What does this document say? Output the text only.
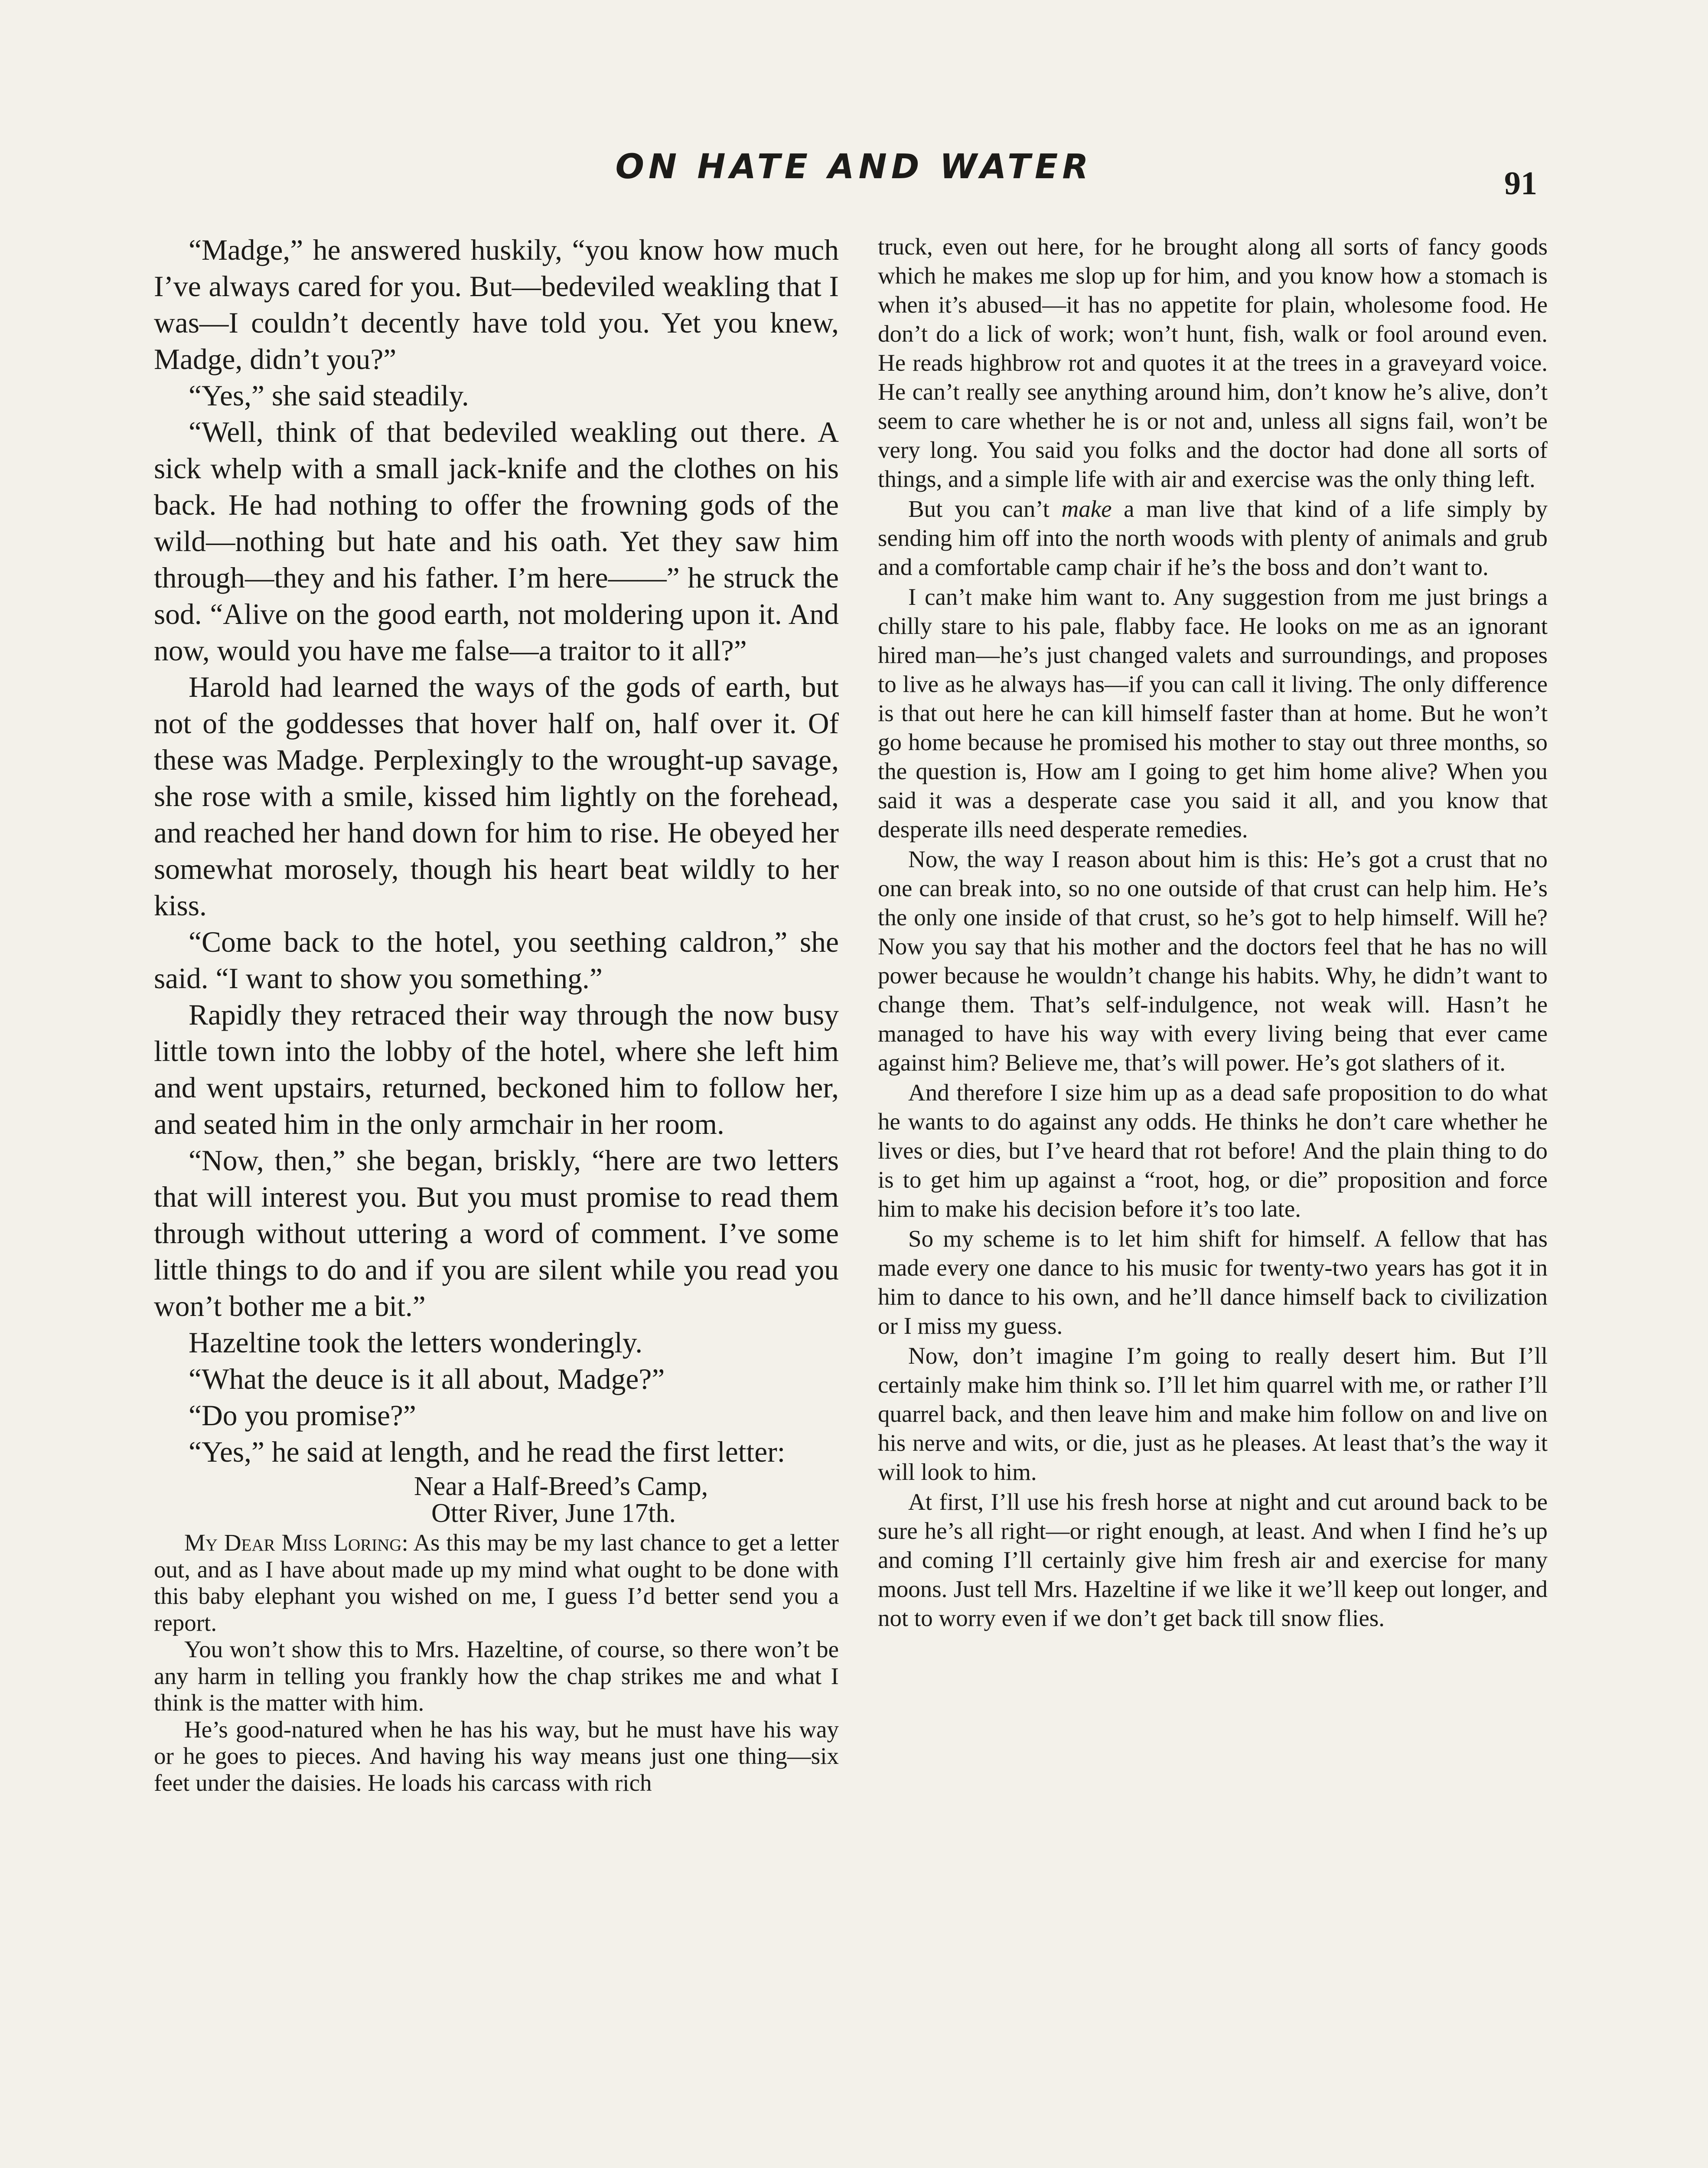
ON HATE AND WATER	91

“Madge,” he answered huskily, “you know how much I’ve always cared for you. But—bedeviled weakling that I was—I couldn’t decently have told you. Yet you knew, Madge, didn’t you?”

“Yes,” she said steadily.

“Well, think of that bedeviled weakling out there. A sick whelp with a small jack-knife and the clothes on his back. He had nothing to offer the frowning gods of the wild—nothing but hate and his oath. Yet they saw him through—they and his father. I’m here——” he struck the sod. “Alive on the good earth, not moldering upon it. And now, would you have me false—a traitor to it all?”

Harold had learned the ways of the gods of earth, but not of the goddesses that hover half on, half over it. Of these was Madge. Perplexingly to the wrought-up savage, she rose with a smile, kissed him lightly on the forehead, and reached her hand down for him to rise. He obeyed her somewhat morosely, though his heart beat wildly to her kiss.

“Come back to the hotel, you seething caldron,” she said. “I want to show you something.”

Rapidly they retraced their way through the now busy little town into the lobby of the hotel, where she left him and went upstairs, returned, beckoned him to follow her, and seated him in the only armchair in her room.

“Now, then,” she began, briskly, “here are two letters that will interest you. But you must promise to read them through without uttering a word of comment. I’ve some little things to do and if you are silent while you read you won’t bother me a bit.”

Hazeltine took the letters wonderingly.

“What the deuce is it all about, Madge?”

“Do you promise?”

“Yes,” he said at length, and he read the first letter:

Near a Half-Breed’s Camp,
Otter River, June 17th.

My Dear Miss Loring: As this may be my last chance to get a letter out, and as I have about made up my mind what ought to be done with this baby elephant you wished on me, I guess I’d better send you a report.

You won’t show this to Mrs. Hazeltine, of course, so there won’t be any harm in telling you frankly how the chap strikes me and what I think is the matter with him.

He’s good-natured when he has his way, but he must have his way or he goes to pieces. And having his way means just one thing—six feet under the daisies. He loads his carcass with rich

truck, even out here, for he brought along all sorts of fancy goods which he makes me slop up for him, and you know how a stomach is when it’s abused—it has no appetite for plain, wholesome food. He don’t do a lick of work; won’t hunt, fish, walk or fool around even. He reads highbrow rot and quotes it at the trees in a graveyard voice. He can’t really see anything around him, don’t know he’s alive, don’t seem to care whether he is or not and, unless all signs fail, won’t be very long. You said you folks and the doctor had done all sorts of things, and a simple life with air and exercise was the only thing left.

But you can’t make a man live that kind of a life simply by sending him off into the north woods with plenty of animals and grub and a comfortable camp chair if he’s the boss and don’t want to.

I can’t make him want to. Any suggestion from me just brings a chilly stare to his pale, flabby face. He looks on me as an ignorant hired man—he’s just changed valets and surroundings, and proposes to live as he always has—if you can call it living. The only difference is that out here he can kill himself faster than at home. But he won’t go home because he promised his mother to stay out three months, so the question is, How am I going to get him home alive? When you said it was a desperate case you said it all, and you know that desperate ills need desperate remedies.

Now, the way I reason about him is this: He’s got a crust that no one can break into, so no one outside of that crust can help him. He’s the only one inside of that crust, so he’s got to help himself. Will he? Now you say that his mother and the doctors feel that he has no will power because he wouldn’t change his habits. Why, he didn’t want to change them. That’s self-indulgence, not weak will. Hasn’t he managed to have his way with every living being that ever came against him? Believe me, that’s will power. He’s got slathers of it.

And therefore I size him up as a dead safe proposition to do what he wants to do against any odds. He thinks he don’t care whether he lives or dies, but I’ve heard that rot before! And the plain thing to do is to get him up against a “root, hog, or die” proposition and force him to make his decision before it’s too late.

So my scheme is to let him shift for himself. A fellow that has made every one dance to his music for twenty-two years has got it in him to dance to his own, and he’ll dance himself back to civilization or I miss my guess.

Now, don’t imagine I’m going to really desert him. But I’ll certainly make him think so. I’ll let him quarrel with me, or rather I’ll quarrel back, and then leave him and make him follow on and live on his nerve and wits, or die, just as he pleases. At least that’s the way it will look to him.

At first, I’ll use his fresh horse at night and cut around back to be sure he’s all right—or right enough, at least. And when I find he’s up and coming I’ll certainly give him fresh air and exercise for many moons. Just tell Mrs. Hazeltine if we like it we’ll keep out longer, and not to worry even if we don’t get back till snow flies.
